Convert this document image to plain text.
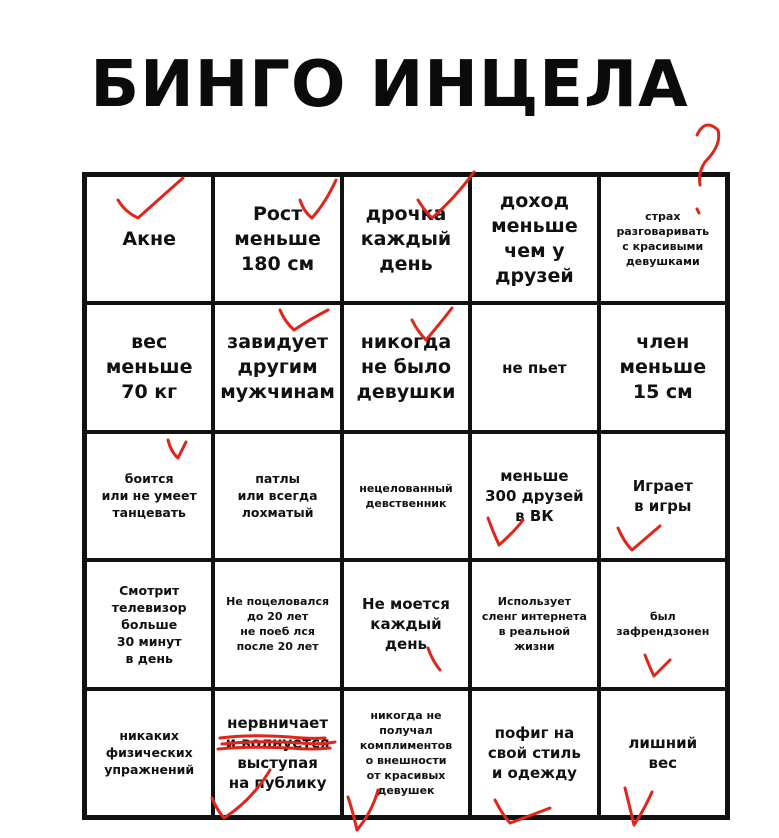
БИНГО ИНЦЕЛА
Акне
Рост
меньше
180 см
дрочка
каждый
день
доход
меньше
чем у
друзей
страх
разговаривать
с красивыми
девушками
вес
меньше
70 кг
завидует
другим
мужчинам
никогда
не было
девушки
не пьет
член
меньше
15 см
боится
или не умеет
танцевать
патлы
или всегда
лохматый
нецелованный
девственник
меньше
300 друзей
в ВК
Играет
в игры
Смотрит
телевизор
больше
30 минут
в день
Не поцеловался
до 20 лет
не поеб лся
после 20 лет
Не моется
каждый
день
Использует
сленг интернета
в реальной
жизни
был
зафрендзонен
никаких
физических
упражнений
нервничает
и волнуется
выступая
на публику
никогда не
получал
комплиментов
о внешности
от красивых
девушек
пофиг на
свой стиль
и одежду
лишний
вес
